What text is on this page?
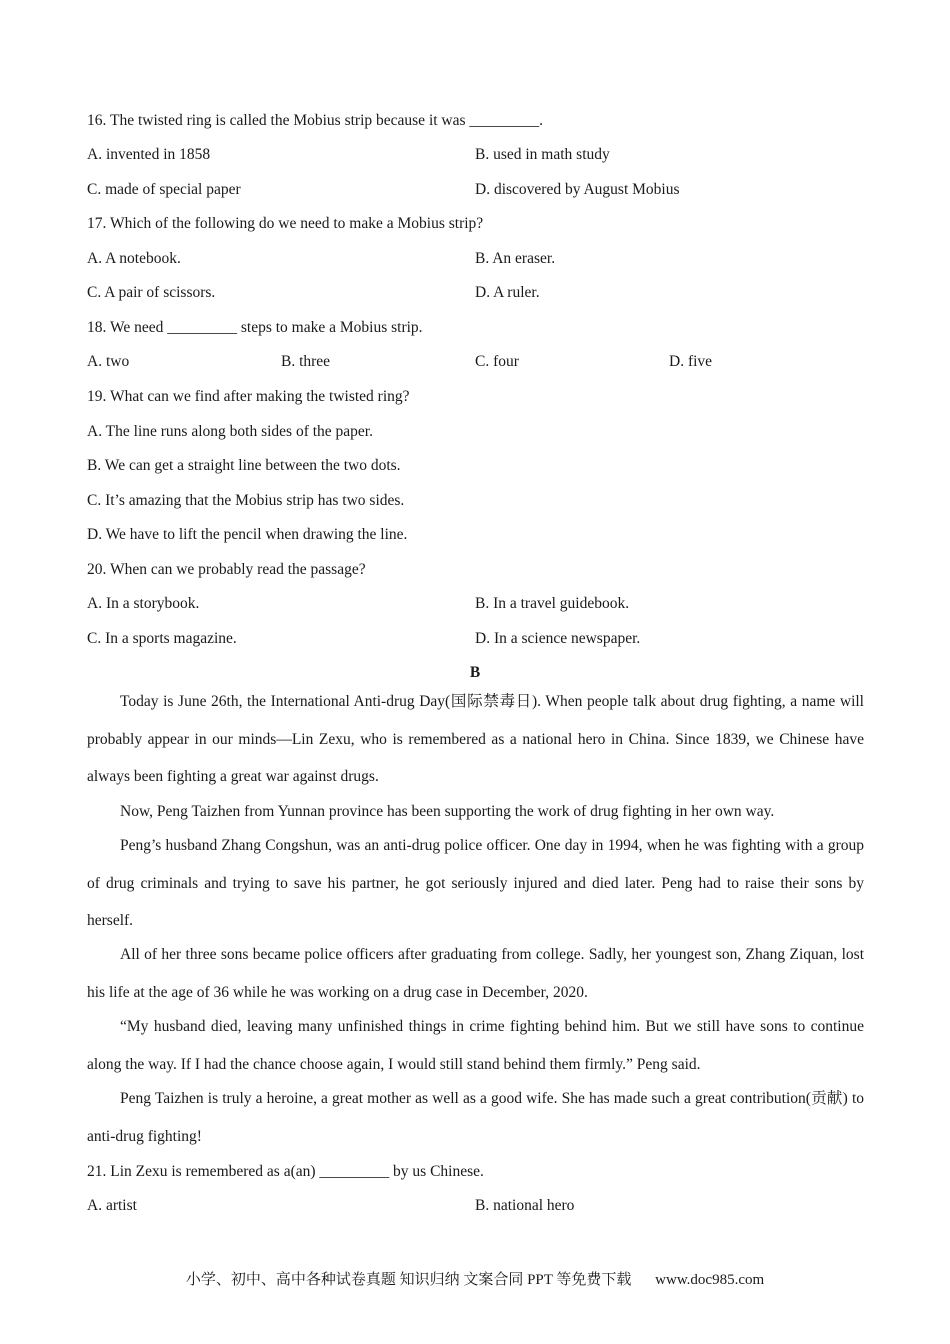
16. The twisted ring is called the Mobius strip because it was _________.
A. invented in 1858	B. used in math study
C. made of special paper	D. discovered by August Mobius
17. Which of the following do we need to make a Mobius strip?
A. A notebook.	B. An eraser.
C. A pair of scissors.	D. A ruler.
18. We need _________ steps to make a Mobius strip.
A. two	B. three	C. four	D. five
19. What can we find after making the twisted ring?
A. The line runs along both sides of the paper.
B. We can get a straight line between the two dots.
C. It’s amazing that the Mobius strip has two sides.
D. We have to lift the pencil when drawing the line.
20. When can we probably read the passage?
A. In a storybook.	B. In a travel guidebook.
C. In a sports magazine.	D. In a science newspaper.
B
Today is June 26th, the International Anti-drug Day(国际禁毒日). When people talk about drug fighting, a name will probably appear in our minds—Lin Zexu, who is remembered as a national hero in China. Since 1839, we Chinese have always been fighting a great war against drugs.
Now, Peng Taizhen from Yunnan province has been supporting the work of drug fighting in her own way.
Peng’s husband Zhang Congshun, was an anti-drug police officer. One day in 1994, when he was fighting with a group of drug criminals and trying to save his partner, he got seriously injured and died later. Peng had to raise their sons by herself.
All of her three sons became police officers after graduating from college. Sadly, her youngest son, Zhang Ziquan, lost his life at the age of 36 while he was working on a drug case in December, 2020.
“My husband died, leaving many unfinished things in crime fighting behind him. But we still have sons to continue along the way. If I had the chance choose again, I would still stand behind them firmly.” Peng said.
Peng Taizhen is truly a heroine, a great mother as well as a good wife. She has made such a great contribution(贡献) to anti-drug fighting!
21. Lin Zexu is remembered as a(an) _________ by us Chinese.
A. artist	B. national hero
小学、初中、高中各种试卷真题 知识归纳 文案合同 PPT 等免费下载 www.doc985.com
